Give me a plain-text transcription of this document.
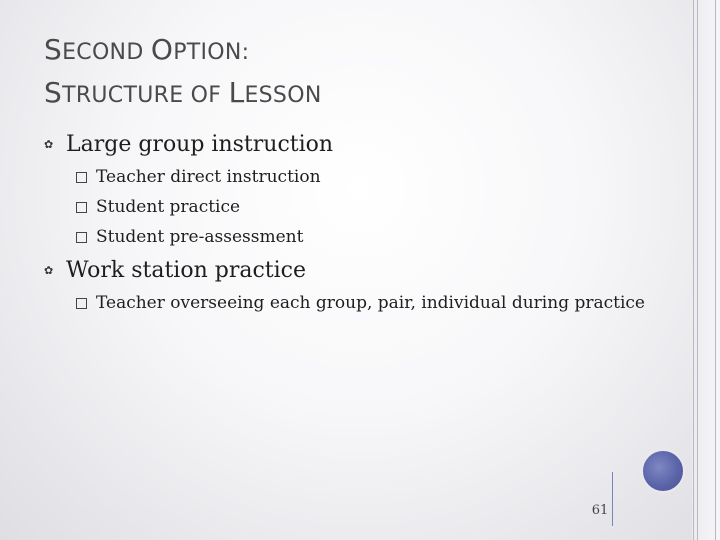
SECOND OPTION:
STRUCTURE OF LESSON
✿ Large group instruction
Teacher direct instruction
Student practice
Student pre-assessment
✿ Work station practice
Teacher overseeing each group, pair, individual during practice
61
